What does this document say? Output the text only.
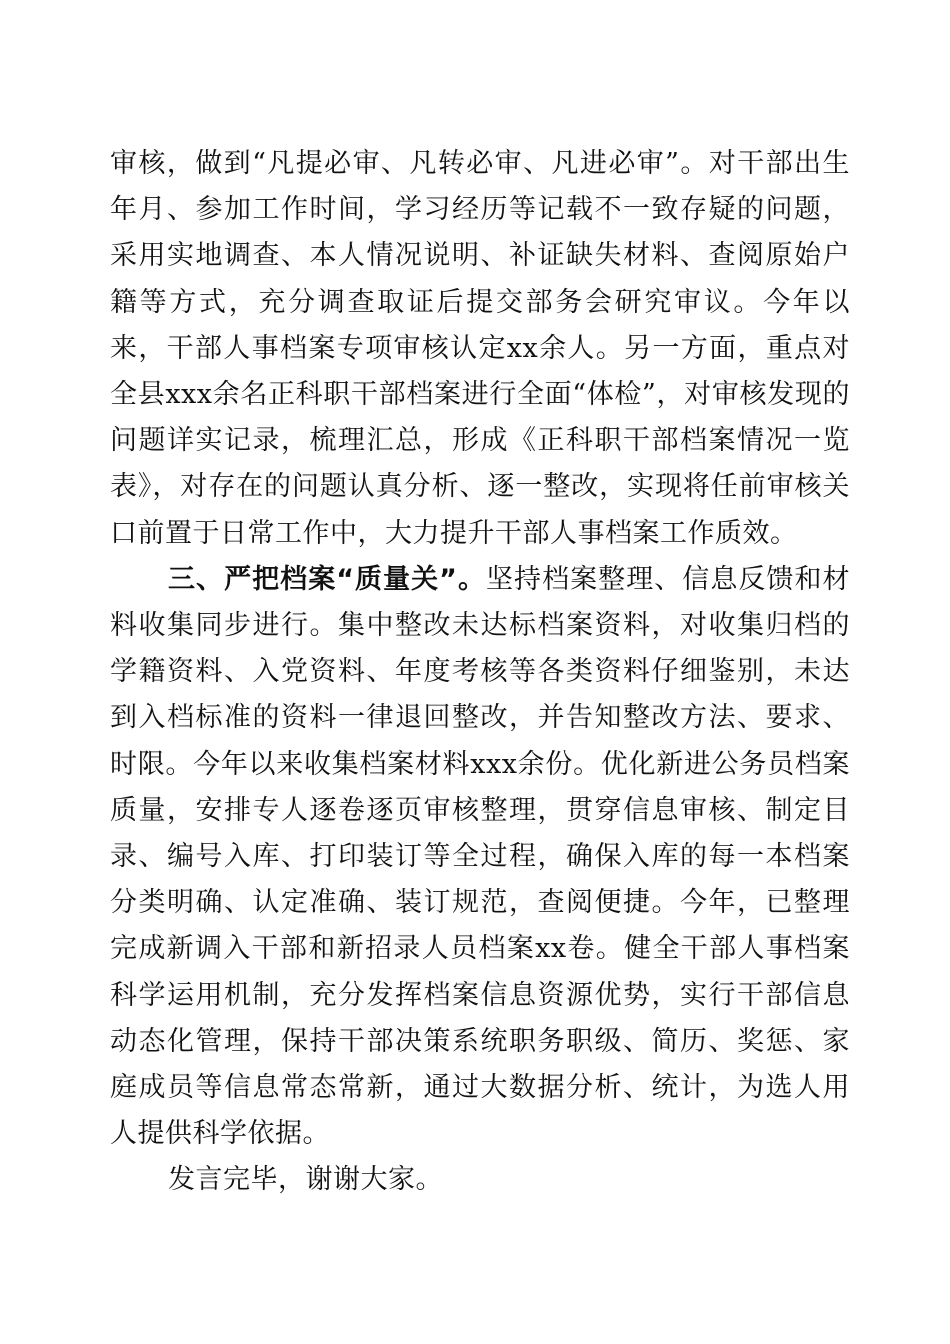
审核，做到“凡提必审、凡转必审、凡进必审”。对干部出生年月、参加工作时间，学习经历等记载不一致存疑的问题，采用实地调查、本人情况说明、补证缺失材料、查阅原始户籍等方式，充分调查取证后提交部务会研究审议。今年以来，干部人事档案专项审核认定xx余人。另一方面，重点对全县xxx余名正科职干部档案进行全面“体检”，对审核发现的问题详实记录，梳理汇总，形成《正科职干部档案情况一览表》，对存在的问题认真分析、逐一整改，实现将任前审核关口前置于日常工作中，大力提升干部人事档案工作质效。

三、严把档案“质量关”。坚持档案整理、信息反馈和材料收集同步进行。集中整改未达标档案资料，对收集归档的学籍资料、入党资料、年度考核等各类资料仔细鉴别，未达到入档标准的资料一律退回整改，并告知整改方法、要求、时限。今年以来收集档案材料xxx余份。优化新进公务员档案质量，安排专人逐卷逐页审核整理，贯穿信息审核、制定目录、编号入库、打印装订等全过程，确保入库的每一本档案分类明确、认定准确、装订规范，查阅便捷。今年，已整理完成新调入干部和新招录人员档案xx卷。健全干部人事档案科学运用机制，充分发挥档案信息资源优势，实行干部信息动态化管理，保持干部决策系统职务职级、简历、奖惩、家庭成员等信息常态常新，通过大数据分析、统计，为选人用人提供科学依据。

发言完毕，谢谢大家。
